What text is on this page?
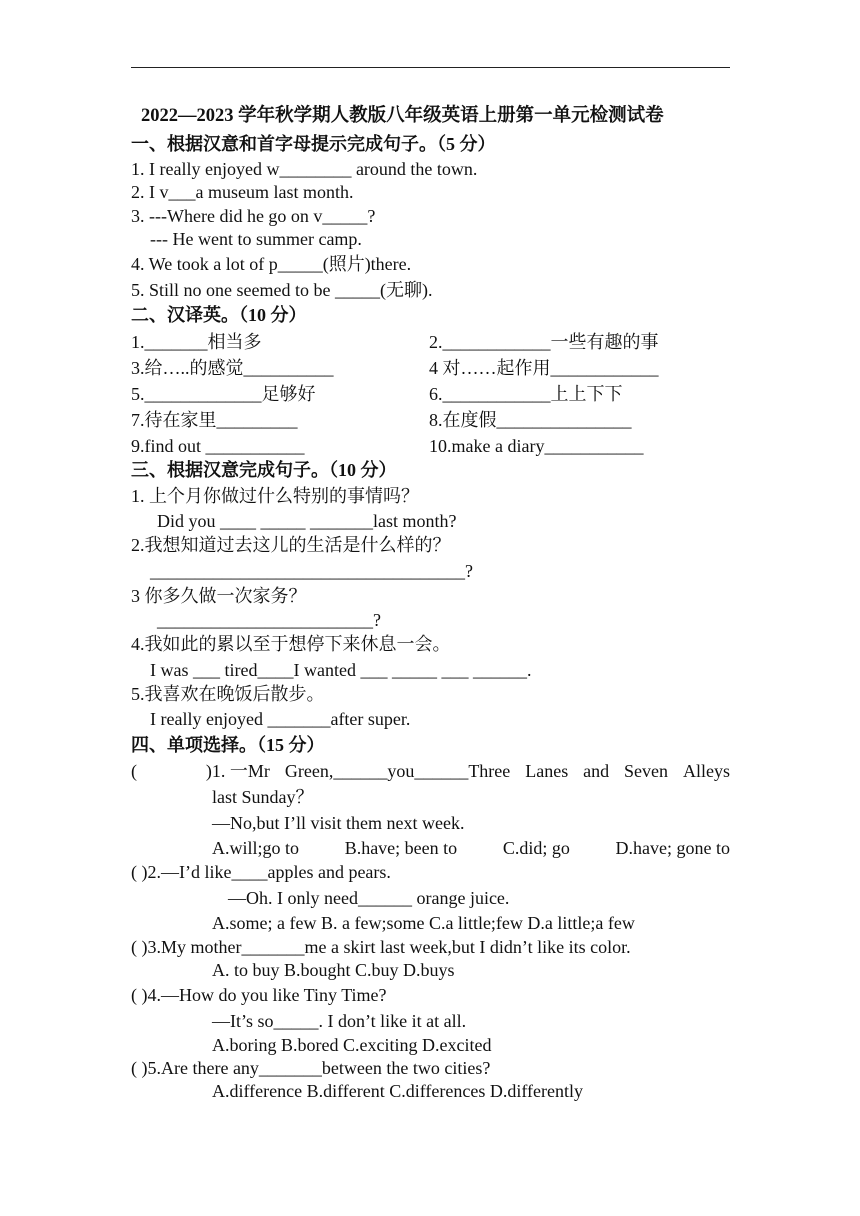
2022—2023 学年秋学期人教版八年级英语上册第一单元检测试卷
一、根据汉意和首字母提示完成句子。（5 分）
1. I really enjoyed w________ around the town.
2. I v___a museum last month.
3. ---Where did he go on v_____?
--- He went to summer camp.
4. We took a lot of p_____(照片)there.
5. Still no one seemed to be _____(无聊).
二、汉译英。（10 分）
1._______相当多	2.____________一些有趣的事
3.给…..的感觉__________	4 对……起作用____________
5._____________足够好	6.____________上上下下
7.待在家里_________	8.在度假_______________
9.find out ___________	10.make a diary___________
三、根据汉意完成句子。（10 分）
1. 上个月你做过什么特别的事情吗？
Did you ____ _____ _______last month?
2.我想知道过去这儿的生活是什么样的？
___________________________________?
3 你多久做一次家务？
________________________?
4.我如此的累以至于想停下来休息一会。
I was ___ tired____I wanted ___ _____ ___ ______.
5.我喜欢在晚饭后散步。
I really enjoyed _______after super.
四、单项选择。（15 分）
(	)1. 一Mr Green,______you______Three Lanes and Seven Alleys
last Sunday？
—No,but I’ll visit them next week.
A.will;go to	B.have; been to	C.did; go	D.have; gone to
( )2.—I’d like____apples and pears.
—Oh. I only need______ orange juice.
A.some; a few B. a few;some C.a little;few D.a little;a few
( )3.My mother_______me a skirt last week,but I didn’t like its color.
A. to buy B.bought C.buy D.buys
( )4.—How do you like Tiny Time?
—It’s so_____. I don’t like it at all.
A.boring B.bored C.exciting D.excited
( )5.Are there any_______between the two cities?
A.difference B.different C.differences D.differently
